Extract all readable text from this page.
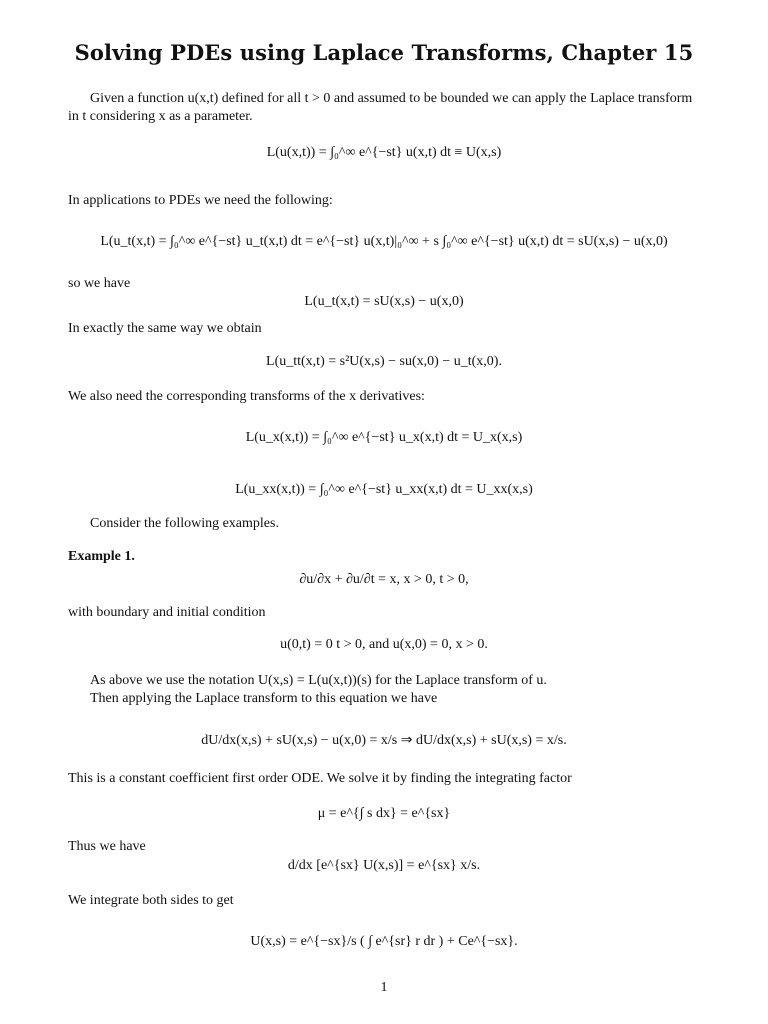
Solving PDEs using Laplace Transforms, Chapter 15
Given a function u(x,t) defined for all t > 0 and assumed to be bounded we can apply the Laplace transform in t considering x as a parameter.
L(u(x,t)) = ∫₀^∞ e^{−st} u(x,t) dt ≡ U(x,s)
In applications to PDEs we need the following:
L(u_t(x,t) = ∫₀^∞ e^{−st} u_t(x,t) dt = e^{−st} u(x,t)|₀^∞ + s ∫₀^∞ e^{−st} u(x,t) dt = sU(x,s) − u(x,0)
so we have
L(u_t(x,t) = sU(x,s) − u(x,0)
In exactly the same way we obtain
L(u_tt(x,t) = s²U(x,s) − su(x,0) − u_t(x,0).
We also need the corresponding transforms of the x derivatives:
L(u_x(x,t)) = ∫₀^∞ e^{−st} u_x(x,t) dt = U_x(x,s)
L(u_xx(x,t)) = ∫₀^∞ e^{−st} u_xx(x,t) dt = U_xx(x,s)
Consider the following examples.
Example 1.
∂u/∂x + ∂u/∂t = x, x > 0, t > 0,
with boundary and initial condition
u(0,t) = 0 t > 0, and u(x,0) = 0, x > 0.
As above we use the notation U(x,s) = L(u(x,t))(s) for the Laplace transform of u.
Then applying the Laplace transform to this equation we have
dU/dx(x,s) + sU(x,s) − u(x,0) = x/s ⇒ dU/dx(x,s) + sU(x,s) = x/s.
This is a constant coefficient first order ODE. We solve it by finding the integrating factor
μ = e^{∫ s dx} = e^{sx}
Thus we have
d/dx [e^{sx} U(x,s)] = e^{sx} x/s.
We integrate both sides to get
U(x,s) = e^{−sx}/s ( ∫ e^{sr} r dr ) + Ce^{−sx}.
1
